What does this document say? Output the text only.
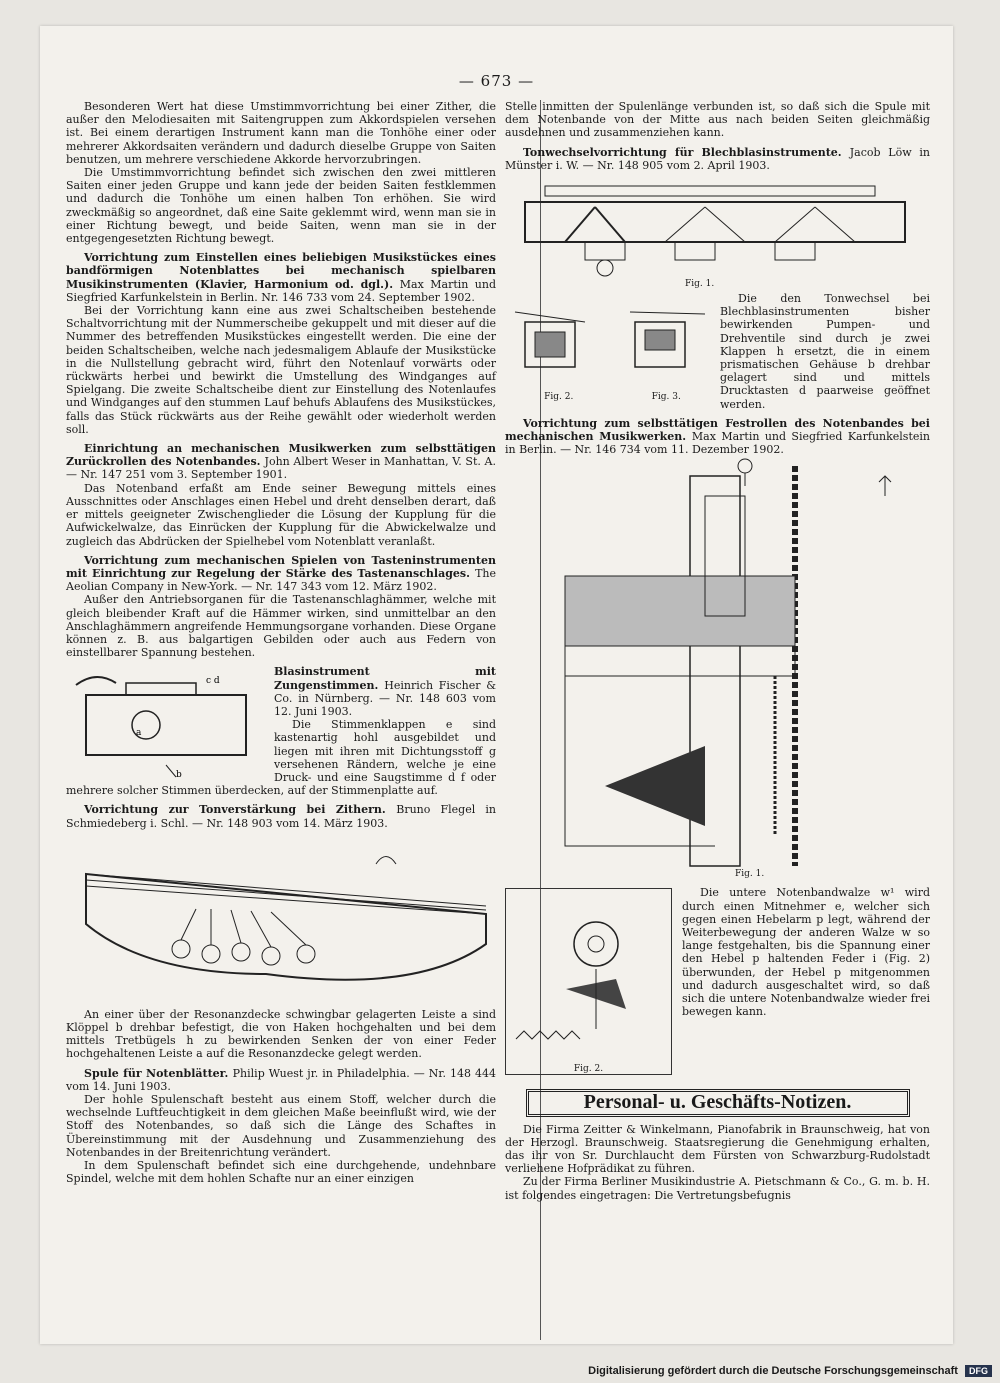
— 673 —

Besonderen Wert hat diese Umstimmvorrichtung bei einer Zither, die außer den Melodiesaiten mit Saitengruppen zum Akkordspielen versehen ist. Bei einem derartigen Instrument kann man die Tonhöhe einer oder mehrerer Akkordsaiten verändern und dadurch dieselbe Gruppe von Saiten benutzen, um mehrere verschiedene Akkorde hervorzubringen.

Die Umstimmvorrichtung befindet sich zwischen den zwei mittleren Saiten einer jeden Gruppe und kann jede der beiden Saiten festklemmen und dadurch die Tonhöhe um einen halben Ton erhöhen. Sie wird zweckmäßig so angeordnet, daß eine Saite geklemmt wird, wenn man sie in einer Richtung bewegt, und beide Saiten, wenn man sie in der entgegengesetzten Richtung bewegt.

Vorrichtung zum Einstellen eines beliebigen Musikstückes eines bandförmigen Notenblattes bei mechanisch spielbaren Musikinstrumenten (Klavier, Harmonium od. dgl.). Max Martin und Siegfried Karfunkelstein in Berlin. Nr. 146 733 vom 24. September 1902.

Bei der Vorrichtung kann eine aus zwei Schaltscheiben bestehende Schaltvorrichtung mit der Nummerscheibe gekuppelt und mit dieser auf die Nummer des betreffenden Musikstückes eingestellt werden. Die eine der beiden Schaltscheiben, welche nach jedesmaligem Ablaufe der Musikstücke in die Nullstellung gebracht wird, führt den Notenlauf vorwärts oder rückwärts herbei und bewirkt die Umstellung des Windganges auf Spielgang. Die zweite Schaltscheibe dient zur Einstellung des Notenlaufes und Windganges auf den stummen Lauf behufs Ablaufens des Musikstückes, falls das Stück rückwärts aus der Reihe gewählt oder wiederholt werden soll.

Einrichtung an mechanischen Musikwerken zum selbsttätigen Zurückrollen des Notenbandes. John Albert Weser in Manhattan, V. St. A. — Nr. 147 251 vom 3. September 1901.

Das Notenband erfaßt am Ende seiner Bewegung mittels eines Ausschnittes oder Anschlages einen Hebel und dreht denselben derart, daß er mittels geeigneter Zwischenglieder die Lösung der Kupplung für die Aufwickelwalze, das Einrücken der Kupplung für die Abwickelwalze und zugleich das Abdrücken der Spielhebel vom Notenblatt veranlaßt.

Vorrichtung zum mechanischen Spielen von Tasteninstrumenten mit Einrichtung zur Regelung der Stärke des Tastenanschlages. The Aeolian Company in New-York. — Nr. 147 343 vom 12. März 1902.

Außer den Antriebsorganen für die Tastenanschlaghämmer, welche mit gleich bleibender Kraft auf die Hämmer wirken, sind unmittelbar an den Anschlaghämmern angreifende Hemmungsorgane vorhanden. Diese Organe können z. B. aus balgartigen Gebilden oder auch aus Federn von einstellbarer Spannung bestehen.

a
c d
b

Blasinstrument mit Zungenstimmen. Heinrich Fischer & Co. in Nürnberg. — Nr. 148 603 vom 12. Juni 1903.

Die Stimmenklappen e sind kastenartig hohl ausgebildet und liegen mit ihren mit Dichtungsstoff g versehenen Rändern, welche je eine Druck- und eine Saugstimme d f oder mehrere solcher Stimmen überdecken, auf der Stimmenplatte auf.

Vorrichtung zur Tonverstärkung bei Zithern. Bruno Flegel in Schmiedeberg i. Schl. — Nr. 148 903 vom 14. März 1903.

An einer über der Resonanzdecke schwingbar gelagerten Leiste a sind Klöppel b drehbar befestigt, die von Haken hochgehalten und bei dem mittels Tretbügels h zu bewirkenden Senken der von einer Feder hochgehaltenen Leiste a auf die Resonanzdecke gelegt werden.

Spule für Notenblätter. Philip Wuest jr. in Philadelphia. — Nr. 148 444 vom 14. Juni 1903.

Der hohle Spulenschaft besteht aus einem Stoff, welcher durch die wechselnde Luftfeuchtigkeit in dem gleichen Maße beeinflußt wird, wie der Stoff des Notenbandes, so daß sich die Länge des Schaftes in Übereinstimmung mit der Ausdehnung und Zusammenziehung des Notenbandes in der Breitenrichtung verändert.

In dem Spulenschaft befindet sich eine durchgehende, undehnbare Spindel, welche mit dem hohlen Schafte nur an einer einzigen

Stelle inmitten der Spulenlänge verbunden ist, so daß sich die Spule mit dem Notenbande von der Mitte aus nach beiden Seiten gleichmäßig ausdehnen und zusammenziehen kann.

Tonwechselvorrichtung für Blechblasinstrumente. Jacob Löw in Münster i. W. — Nr. 148 905 vom 2. April 1903.

Fig. 1.
Fig. 2.	Fig. 3.

Die den Tonwechsel bei Blechblasinstrumenten bisher bewirkenden Pumpen- und Drehventile sind durch je zwei Klappen h ersetzt, die in einem prismatischen Gehäuse b drehbar gelagert sind und mittels Drucktasten d paarweise geöffnet werden.

Vorrichtung zum selbsttätigen Festrollen des Notenbandes bei mechanischen Musikwerken. Max Martin und Siegfried Karfunkelstein in Berlin. — Nr. 146 734 vom 11. Dezember 1902.

Fig. 1.
Fig. 2.

Die untere Notenbandwalze w¹ wird durch einen Mitnehmer e, welcher sich gegen einen Hebelarm p legt, während der Weiterbewegung der anderen Walze w so lange festgehalten, bis die Spannung einer den Hebel p haltenden Feder i (Fig. 2) überwunden, der Hebel p mitgenommen und dadurch ausgeschaltet wird, so daß sich die untere Notenbandwalze wieder frei bewegen kann.

Personal- u. Geschäfts-Notizen.

Die Firma Zeitter & Winkelmann, Pianofabrik in Braunschweig, hat von der Herzogl. Braunschweig. Staatsregierung die Genehmigung erhalten, das ihr von Sr. Durchlaucht dem Fürsten von Schwarzburg-Rudolstadt verliehene Hofprädikat zu führen.

Zu der Firma Berliner Musikindustrie A. Pietschmann & Co., G. m. b. H. ist folgendes eingetragen: Die Vertretungsbefugnis

Digitalisierung gefördert durch die Deutsche Forschungsgemeinschaft DFG
